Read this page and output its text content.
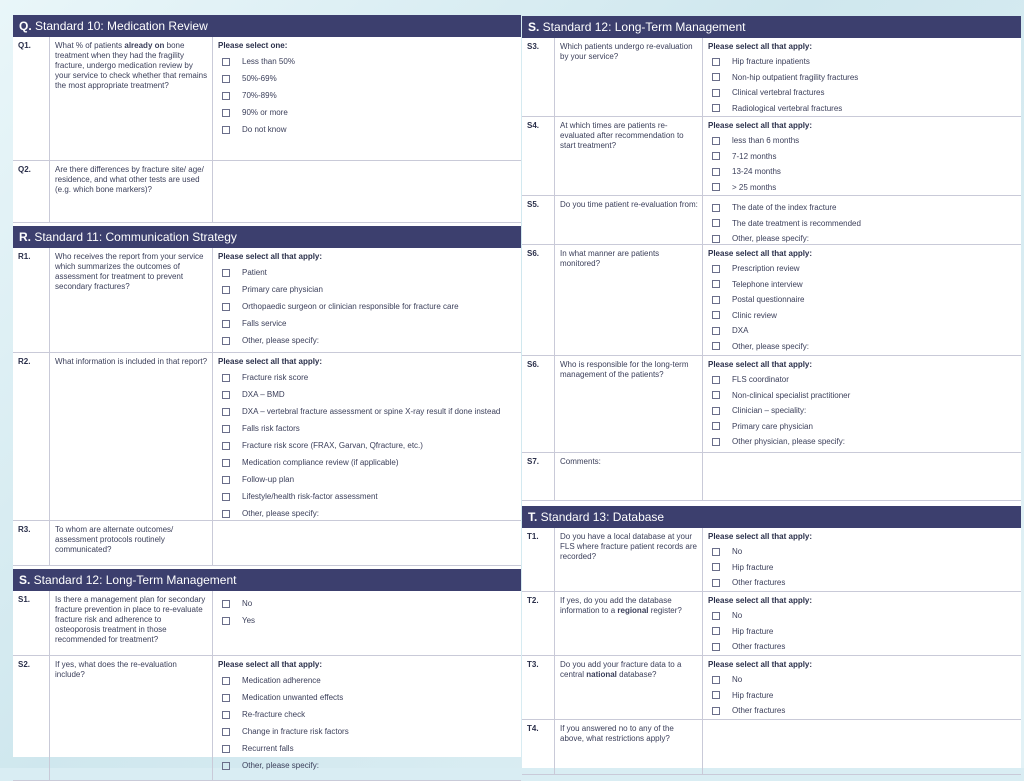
Q. Standard 10: Medication Review
Q1.	What % of patients already on bone treatment when they had the fragility fracture, undergo medication review by your service to check whether that remains the most appropriate treatment?
Please select one:
Less than 50%
50%-69%
70%-89%
90% or more
Do not know
Q2.	Are there differences by fracture site/ age/ residence, and what other tests are used (e.g. which bone markers)?
R. Standard 11: Communication Strategy
R1.	Who receives the report from your service which summarizes the outcomes of assessment for treatment to prevent secondary fractures?
Please select all that apply:
Patient
Primary care physician
Orthopaedic surgeon or clinician responsible for fracture care
Falls service
Other, please specify:
R2.	What information is included in that report?	Please select all that apply:
Fracture risk score
DXA – BMD
DXA – vertebral fracture assessment or spine X-ray result if done instead
Falls risk factors
Fracture risk score (FRAX, Garvan, Qfracture, etc.)
Medication compliance review (if applicable)
Follow-up plan
Lifestyle/health risk-factor assessment
Other, please specify:
R3.	To whom are alternate outcomes/ assessment protocols routinely communicated?
S. Standard 12: Long-Term Management
S1.	Is there a management plan for secondary fracture prevention in place to re-evaluate fracture risk and adherence to osteoporosis treatment in those recommended for treatment?
No
Yes
S2.	If yes, what does the re-evaluation include?
Please select all that apply:
Medication adherence
Medication unwanted effects
Re-fracture check
Change in fracture risk factors
Recurrent falls
Other, please specify:
S. Standard 12: Long-Term Management
S3.	Which patients undergo re-evaluation by your service?
Please select all that apply:
Hip fracture inpatients
Non-hip outpatient fragility fractures
Clinical vertebral fractures
Radiological vertebral fractures
S4.	At which times are patients re-evaluated after recommendation to start treatment?
Please select all that apply:
less than 6 months
7-12 months
13-24 months
> 25 months
S5.	Do you time patient re-evaluation from:	The date of the index fracture
The date treatment is recommended
Other, please specify:
S6.	In what manner are patients monitored?
Please select all that apply:
Prescription review
Telephone interview
Postal questionnaire
Clinic review
DXA
Other, please specify:
S6.	Who is responsible for the long-term management of the patients?
Please select all that apply:
FLS coordinator
Non-clinical specialist practitioner
Clinician – speciality:
Primary care physician
Other physician, please specify:
S7.	Comments:
T. Standard 13: Database
T1.	Do you have a local database at your FLS where fracture patient records are recorded?
Please select all that apply:
No
Hip fracture
Other fractures
T2.	If yes, do you add the database information to a regional register?
Please select all that apply:
No
Hip fracture
Other fractures
T3.	Do you add your fracture data to a central national database?
Please select all that apply:
No
Hip fracture
Other fractures
T4.	If you answered no to any of the above, what restrictions apply?
